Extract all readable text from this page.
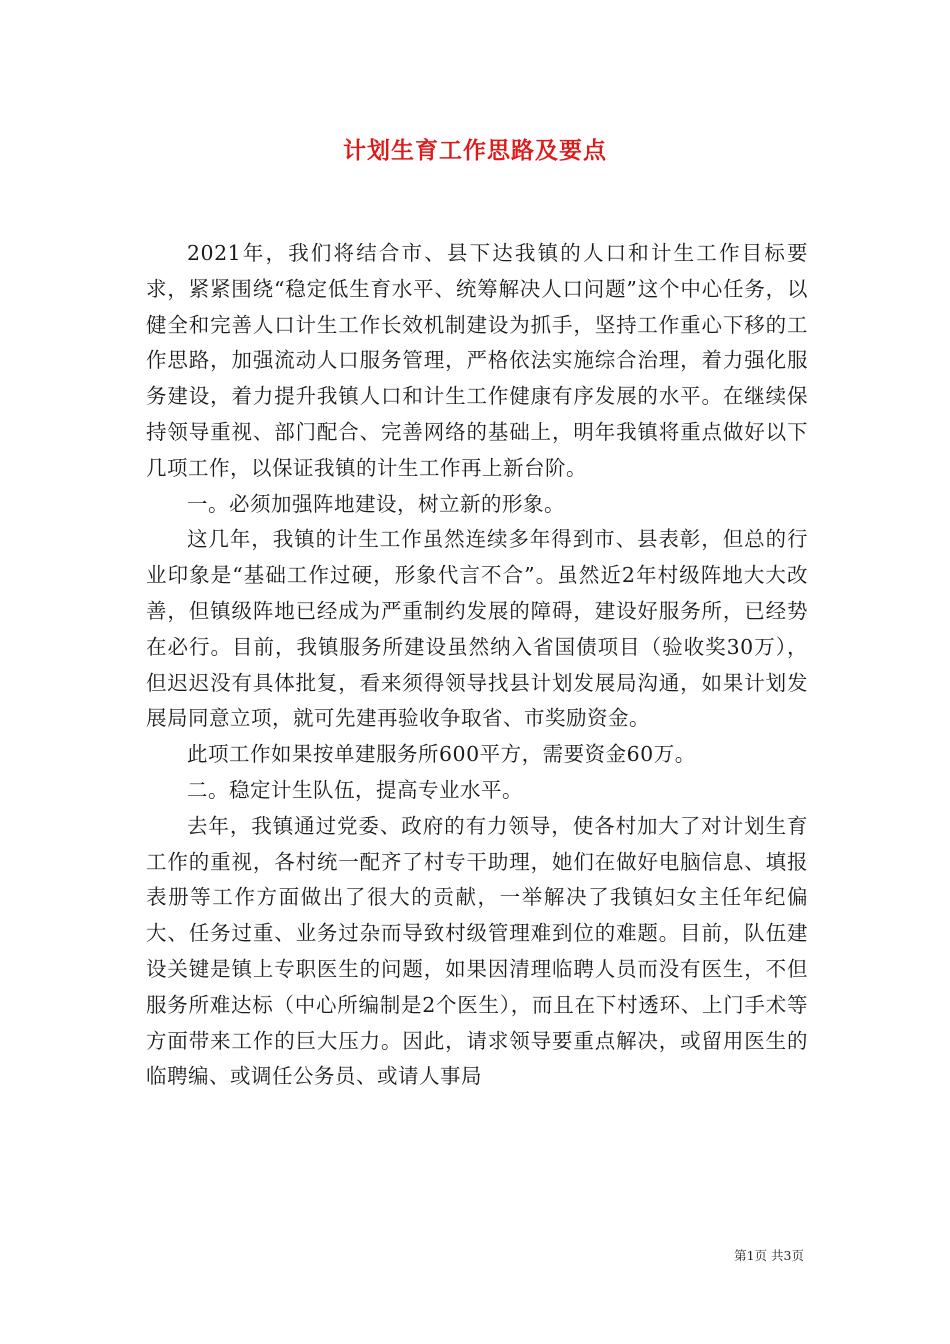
计划生育工作思路及要点

2021年，我们将结合市、县下达我镇的人口和计生工作目标要求，紧紧围绕“稳定低生育水平、统筹解决人口问题”这个中心任务，以健全和完善人口计生工作长效机制建设为抓手，坚持工作重心下移的工作思路，加强流动人口服务管理，严格依法实施综合治理，着力强化服务建设，着力提升我镇人口和计生工作健康有序发展的水平。在继续保持领导重视、部门配合、完善网络的基础上，明年我镇将重点做好以下几项工作，以保证我镇的计生工作再上新台阶。

一。必须加强阵地建设，树立新的形象。

这几年，我镇的计生工作虽然连续多年得到市、县表彰，但总的行业印象是“基础工作过硬，形象代言不合”。虽然近2年村级阵地大大改善，但镇级阵地已经成为严重制约发展的障碍，建设好服务所，已经势在必行。目前，我镇服务所建设虽然纳入省国债项目（验收奖30万），但迟迟没有具体批复，看来须得领导找县计划发展局沟通，如果计划发展局同意立项，就可先建再验收争取省、市奖励资金。

此项工作如果按单建服务所600平方，需要资金60万。

二。稳定计生队伍，提高专业水平。

去年，我镇通过党委、政府的有力领导，使各村加大了对计划生育工作的重视，各村统一配齐了村专干助理，她们在做好电脑信息、填报表册等工作方面做出了很大的贡献，一举解决了我镇妇女主任年纪偏大、任务过重、业务过杂而导致村级管理难到位的难题。目前，队伍建设关键是镇上专职医生的问题，如果因清理临聘人员而没有医生，不但服务所难达标（中心所编制是2个医生），而且在下村透环、上门手术等方面带来工作的巨大压力。因此，请求领导要重点解决，或留用医生的临聘编、或调任公务员、或请人事局

第1页 共3页
